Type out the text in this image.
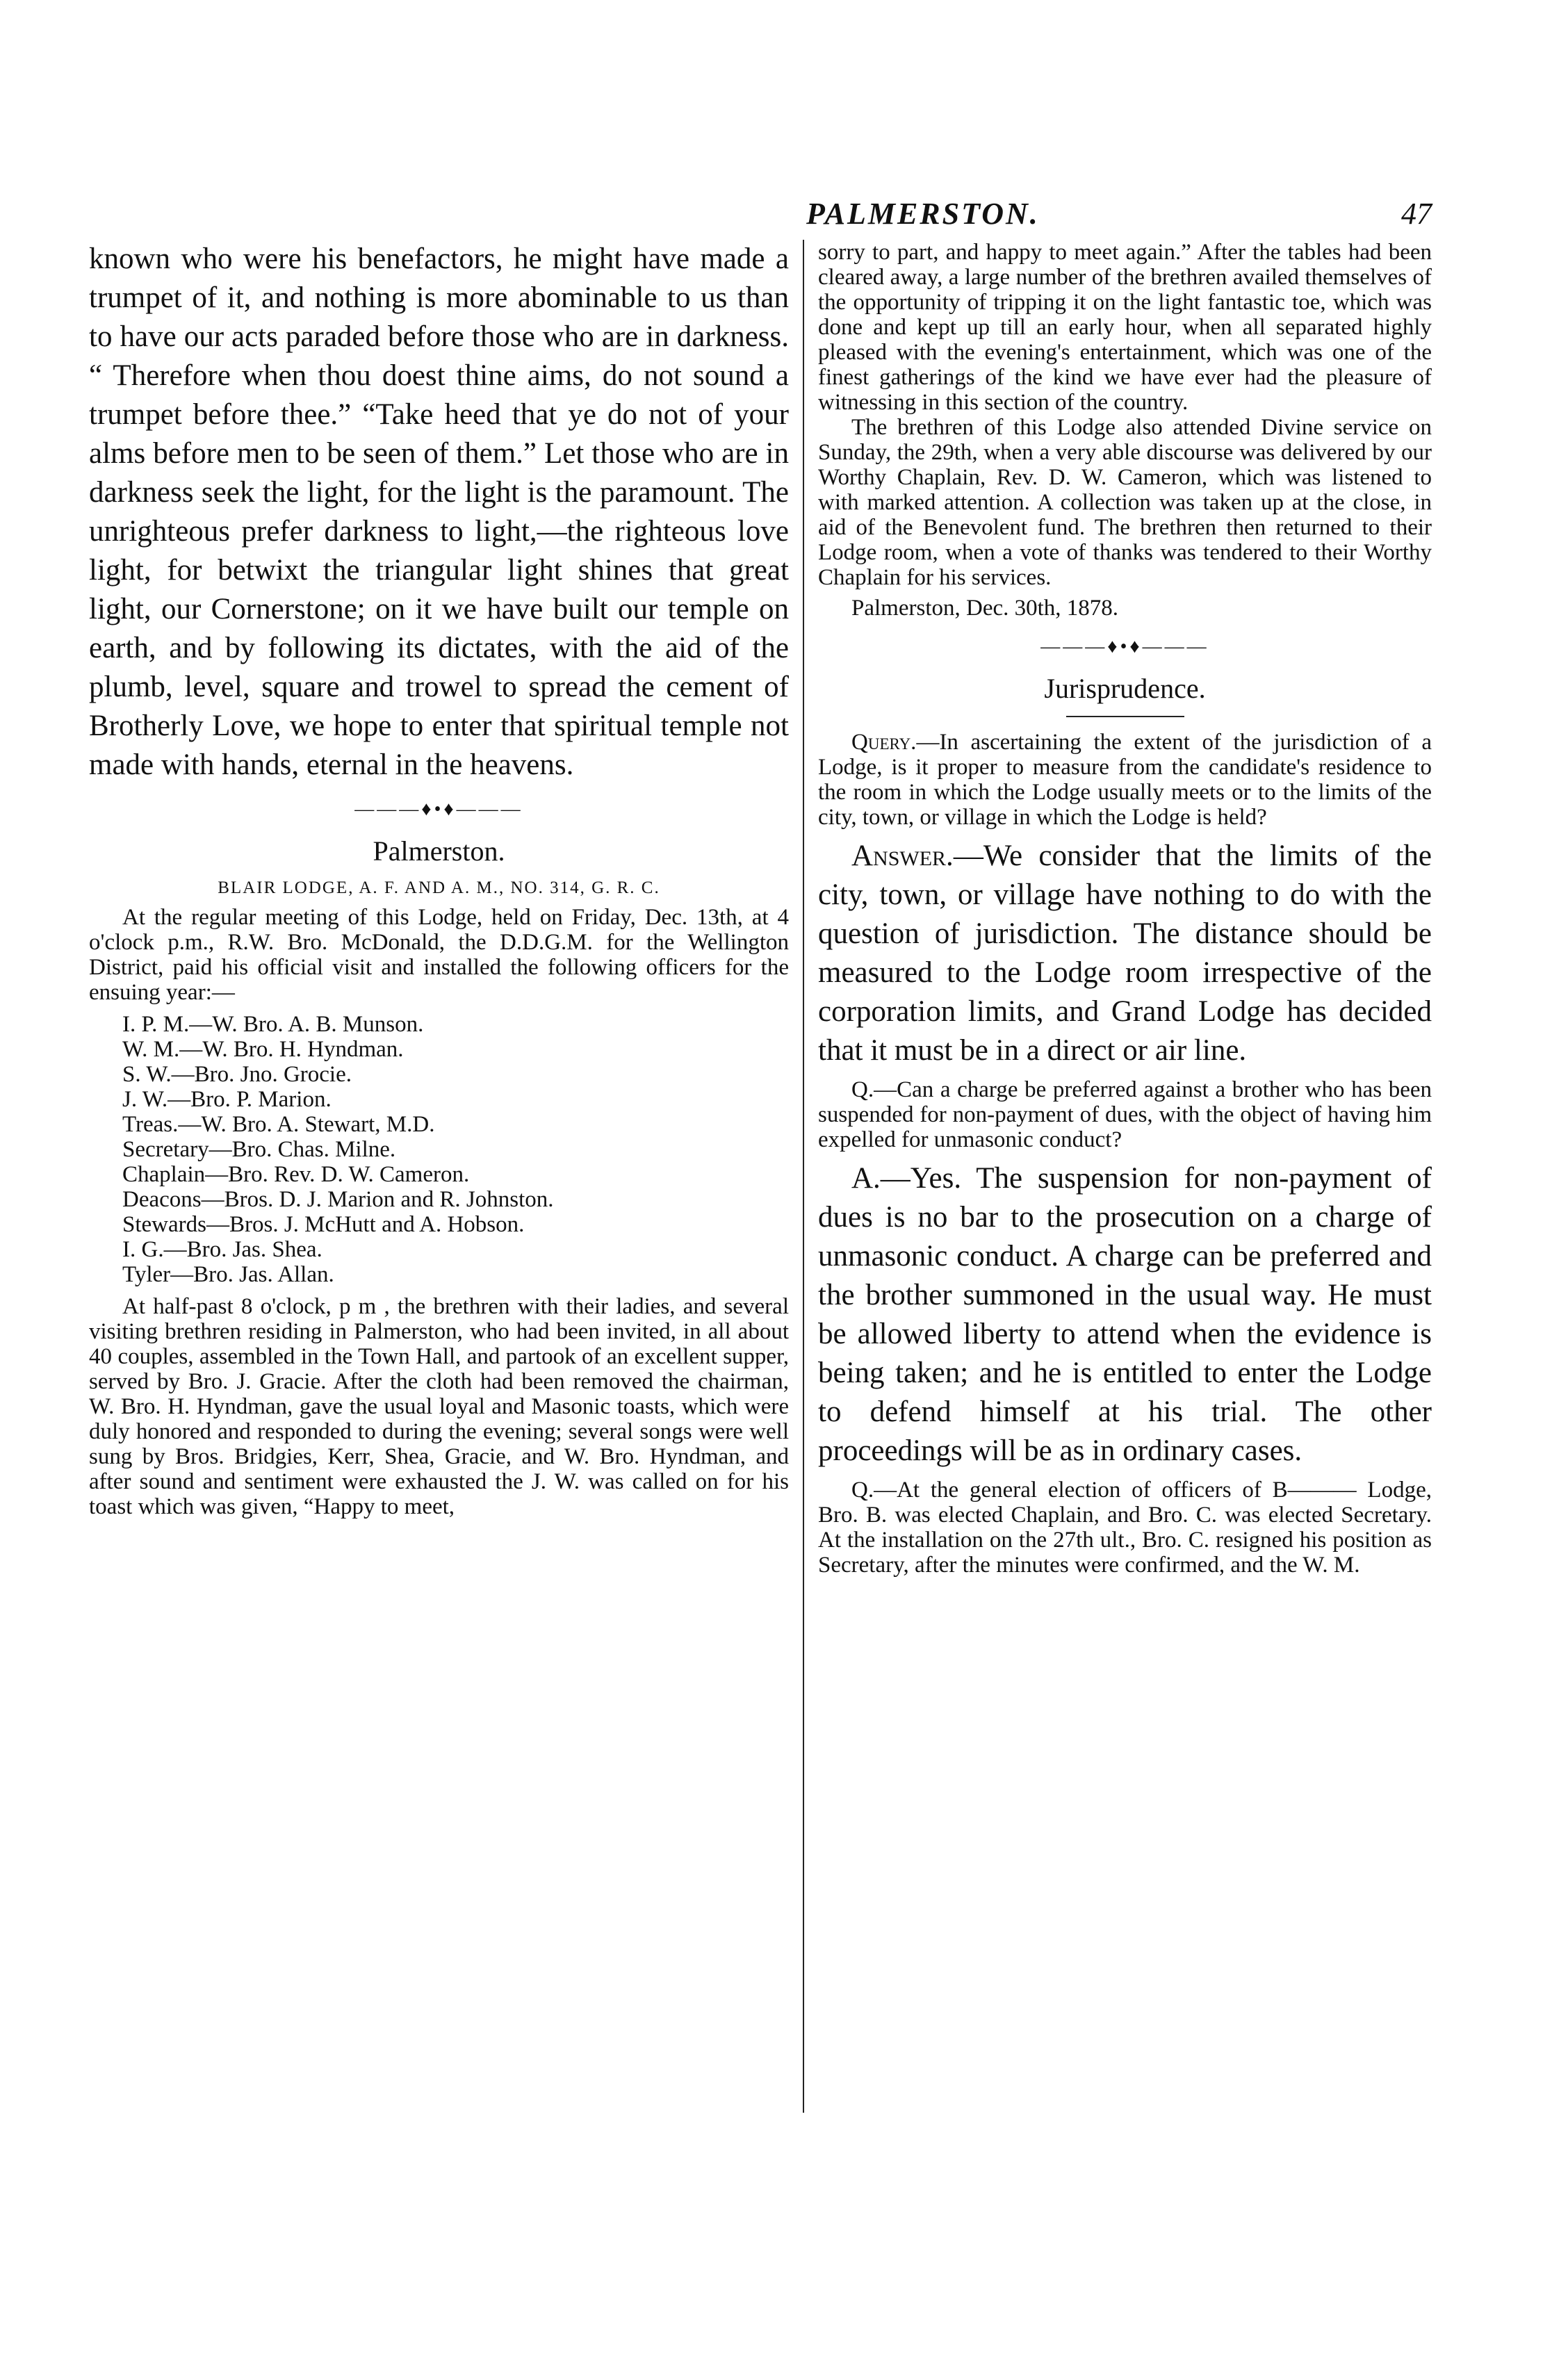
PALMERSTON.	47

known who were his benefactors, he might have made a trumpet of it, and nothing is more abominable to us than to have our acts paraded before those who are in darkness. “ Therefore when thou doest thine aims, do not sound a trumpet before thee.” “Take heed that ye do not of your alms before men to be seen of them.” Let those who are in darkness seek the light, for the light is the paramount. The unrighteous prefer darkness to light,—the righteous love light, for betwixt the triangular light shines that great light, our Cornerstone; on it we have built our temple on earth, and by following its dictates, with the aid of the plumb, level, square and trowel to spread the cement of Brotherly Love, we hope to enter that spiritual temple not made with hands, eternal in the heavens.

———♦•♦———
Palmerston.
BLAIR LODGE, A. F. AND A. M., NO. 314, G. R. C.

At the regular meeting of this Lodge, held on Friday, Dec. 13th, at 4 o'clock p.m., R.W. Bro. McDonald, the D.D.G.M. for the Wellington District, paid his official visit and installed the following officers for the ensuing year:—

I. P. M.—W. Bro. A. B. Munson.

W. M.—W. Bro. H. Hyndman.

S. W.—Bro. Jno. Grocie.

J. W.—Bro. P. Marion.

Treas.—W. Bro. A. Stewart, M.D.

Secretary—Bro. Chas. Milne.

Chaplain—Bro. Rev. D. W. Cameron.

Deacons—Bros. D. J. Marion and R. Johnston.

Stewards—Bros. J. McHutt and A. Hobson.

I. G.—Bro. Jas. Shea.

Tyler—Bro. Jas. Allan.

At half-past 8 o'clock, p m , the brethren with their ladies, and several visiting brethren residing in Palmerston, who had been invited, in all about 40 couples, assembled in the Town Hall, and partook of an excellent supper, served by Bro. J. Gracie. After the cloth had been removed the chairman, W. Bro. H. Hyndman, gave the usual loyal and Masonic toasts, which were duly honored and responded to during the evening; several songs were well sung by Bros. Bridgies, Kerr, Shea, Gracie, and W. Bro. Hyndman, and after sound and sentiment were exhausted the J. W. was called on for his toast which was given, “Happy to meet,

sorry to part, and happy to meet again.” After the tables had been cleared away, a large number of the brethren availed themselves of the opportunity of tripping it on the light fantastic toe, which was done and kept up till an early hour, when all separated highly pleased with the evening's entertainment, which was one of the finest gatherings of the kind we have ever had the pleasure of witnessing in this section of the country.

The brethren of this Lodge also attended Divine service on Sunday, the 29th, when a very able discourse was delivered by our Worthy Chaplain, Rev. D. W. Cameron, which was listened to with marked attention. A collection was taken up at the close, in aid of the Benevolent fund. The brethren then returned to their Lodge room, when a vote of thanks was tendered to their Worthy Chaplain for his services.

Palmerston, Dec. 30th, 1878.

———♦•♦———
Jurisprudence.

Query.—In ascertaining the extent of the jurisdiction of a Lodge, is it proper to measure from the candidate's residence to the room in which the Lodge usually meets or to the limits of the city, town, or village in which the Lodge is held?

Answer.—We consider that the limits of the city, town, or village have nothing to do with the question of jurisdiction. The distance should be measured to the Lodge room irrespective of the corporation limits, and Grand Lodge has decided that it must be in a direct or air line.

Q.—Can a charge be preferred against a brother who has been suspended for non-payment of dues, with the object of having him expelled for unmasonic conduct?

A.—Yes. The suspension for non-payment of dues is no bar to the prosecution on a charge of unmasonic conduct. A charge can be preferred and the brother summoned in the usual way. He must be allowed liberty to attend when the evidence is being taken; and he is entitled to enter the Lodge to defend himself at his trial. The other proceedings will be as in ordinary cases.

Q.—At the general election of officers of B——— Lodge, Bro. B. was elected Chaplain, and Bro. C. was elected Secretary. At the installation on the 27th ult., Bro. C. resigned his position as Secretary, after the minutes were confirmed, and the W. M.
